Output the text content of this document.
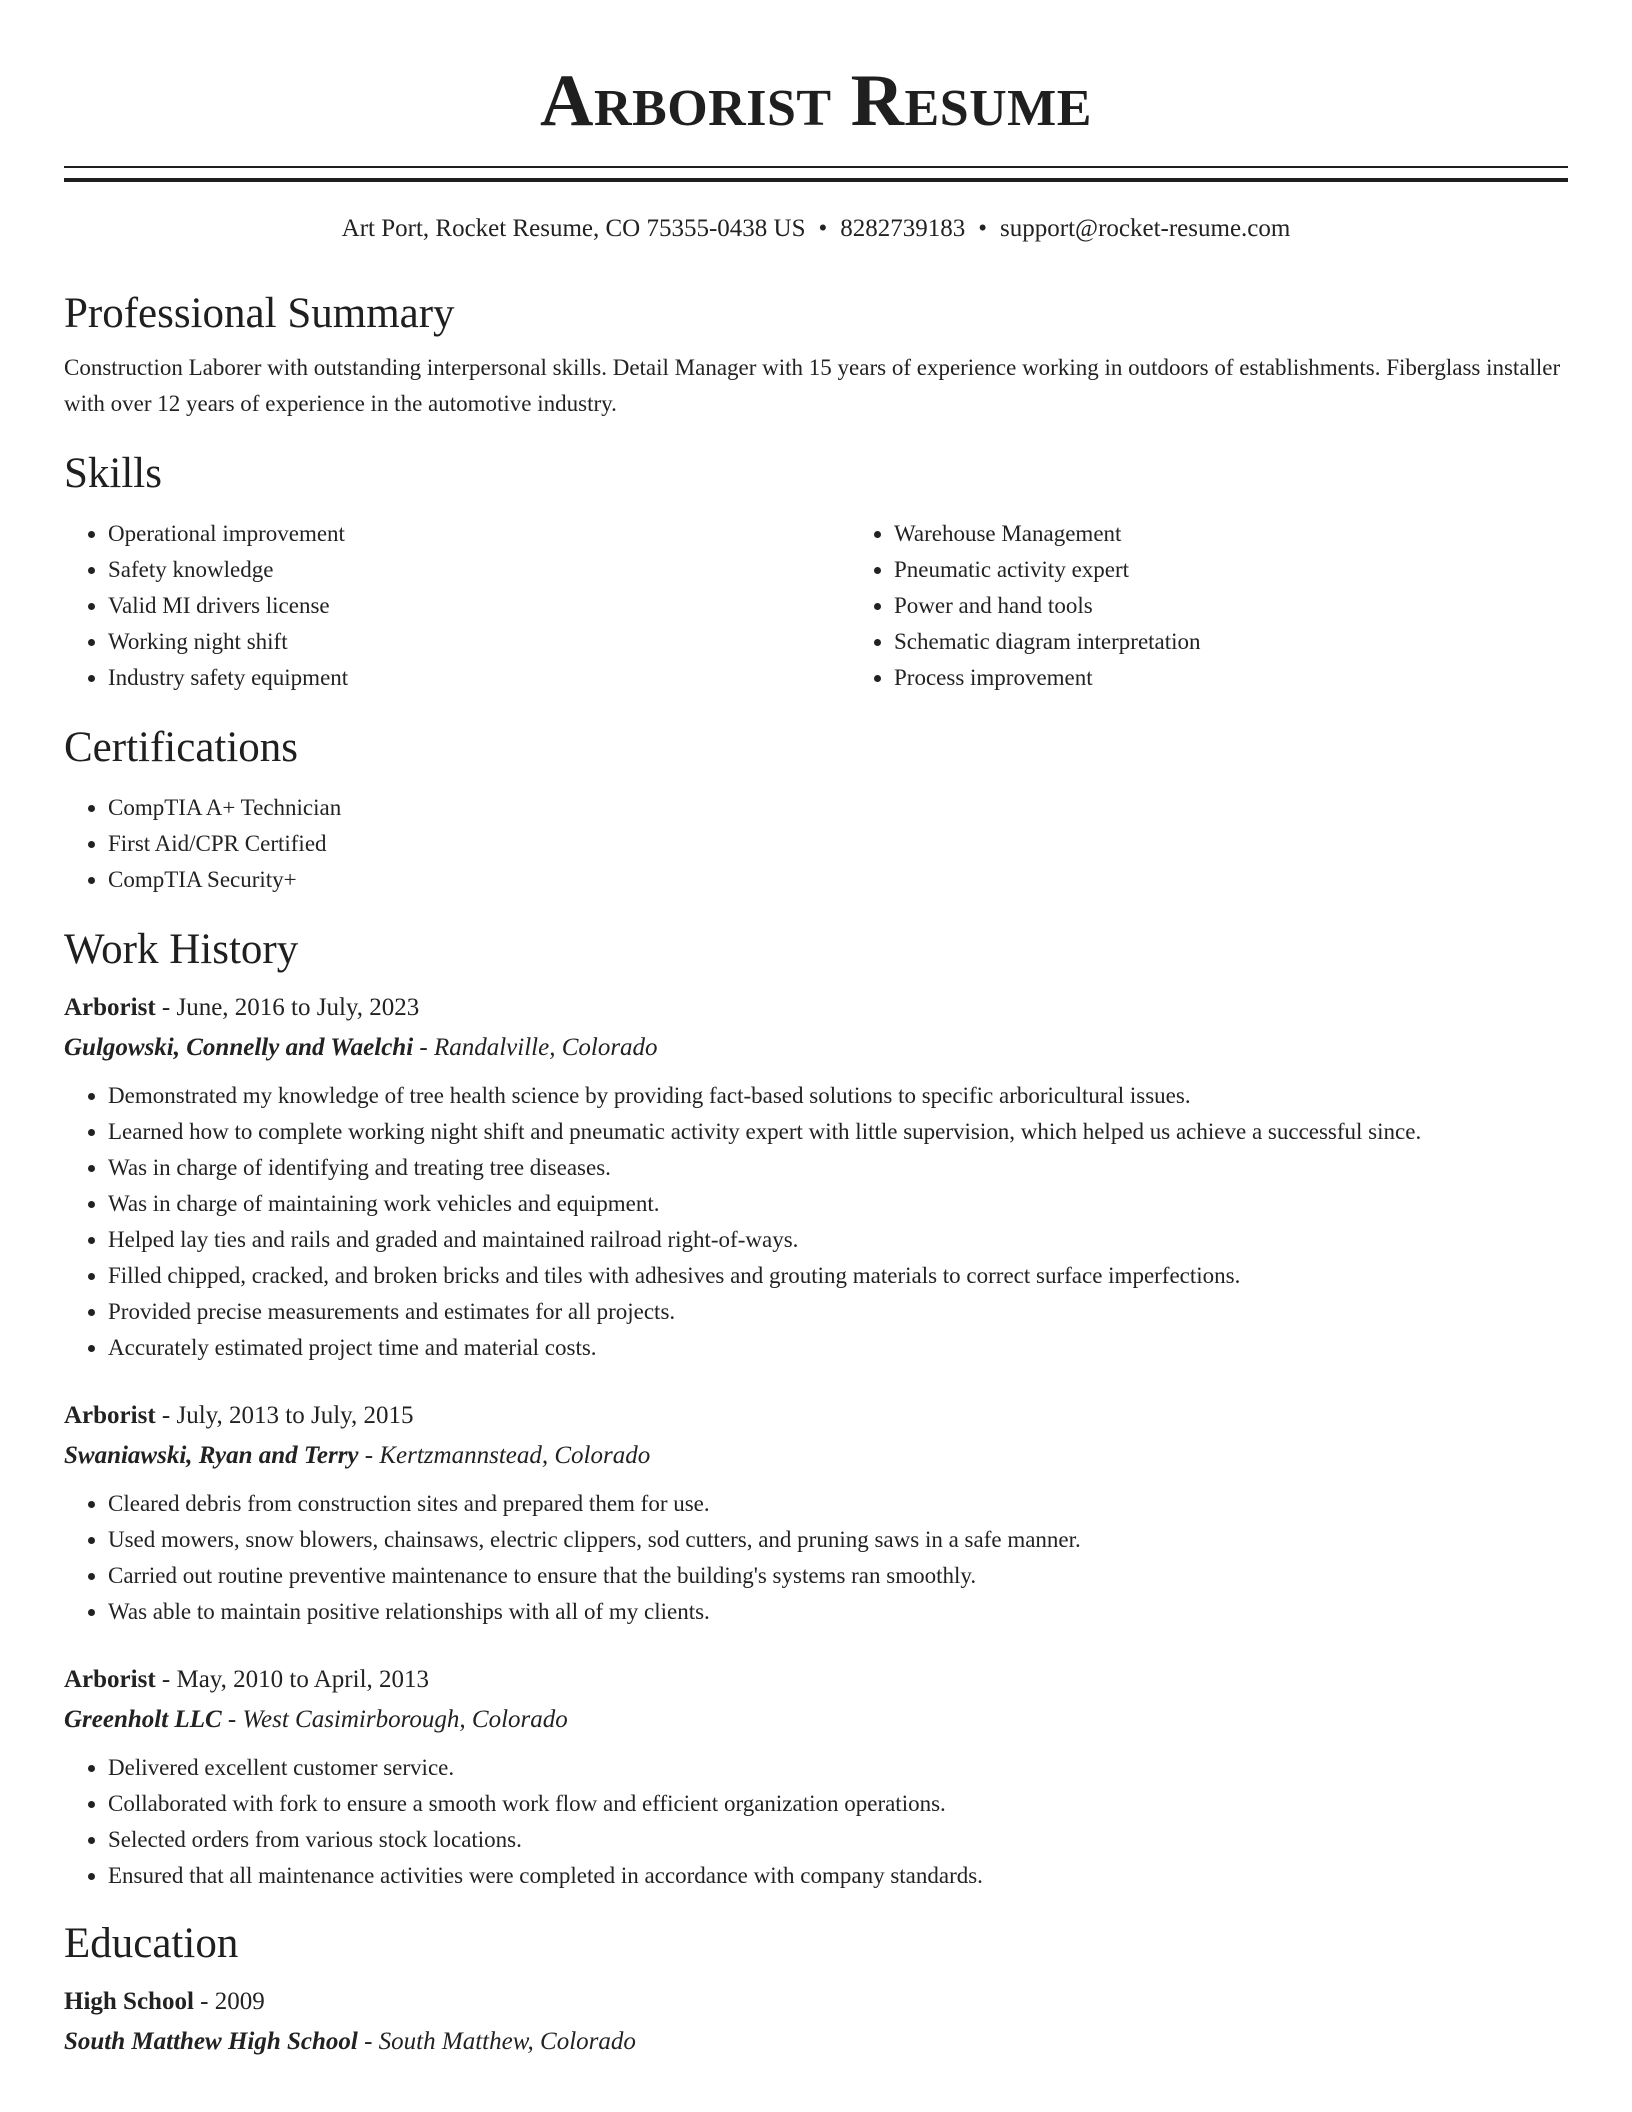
Arborist Resume
Art Port, Rocket Resume, CO 75355-0438 US • 8282739183 • support@rocket-resume.com
Professional Summary

Construction Laborer with outstanding interpersonal skills. Detail Manager with 15 years of experience working in outdoors of establishments. Fiberglass installer with over 12 years of experience in the automotive industry.

Skills
• Operational improvement
• Safety knowledge
• Valid MI drivers license
• Working night shift
• Industry safety equipment
• Warehouse Management
• Pneumatic activity expert
• Power and hand tools
• Schematic diagram interpretation
• Process improvement
Certifications
• CompTIA A+ Technician
• First Aid/CPR Certified
• CompTIA Security+
Work History
Arborist - June, 2016 to July, 2023
Gulgowski, Connelly and Waelchi - Randalville, Colorado
• Demonstrated my knowledge of tree health science by providing fact-based solutions to specific arboricultural issues.
• Learned how to complete working night shift and pneumatic activity expert with little supervision, which helped us achieve a successful since.
• Was in charge of identifying and treating tree diseases.
• Was in charge of maintaining work vehicles and equipment.
• Helped lay ties and rails and graded and maintained railroad right-of-ways.
• Filled chipped, cracked, and broken bricks and tiles with adhesives and grouting materials to correct surface imperfections.
• Provided precise measurements and estimates for all projects.
• Accurately estimated project time and material costs.
Arborist - July, 2013 to July, 2015
Swaniawski, Ryan and Terry - Kertzmannstead, Colorado
• Cleared debris from construction sites and prepared them for use.
• Used mowers, snow blowers, chainsaws, electric clippers, sod cutters, and pruning saws in a safe manner.
• Carried out routine preventive maintenance to ensure that the building's systems ran smoothly.
• Was able to maintain positive relationships with all of my clients.
Arborist - May, 2010 to April, 2013
Greenholt LLC - West Casimirborough, Colorado
• Delivered excellent customer service.
• Collaborated with fork to ensure a smooth work flow and efficient organization operations.
• Selected orders from various stock locations.
• Ensured that all maintenance activities were completed in accordance with company standards.
Education
High School - 2009
South Matthew High School - South Matthew, Colorado
